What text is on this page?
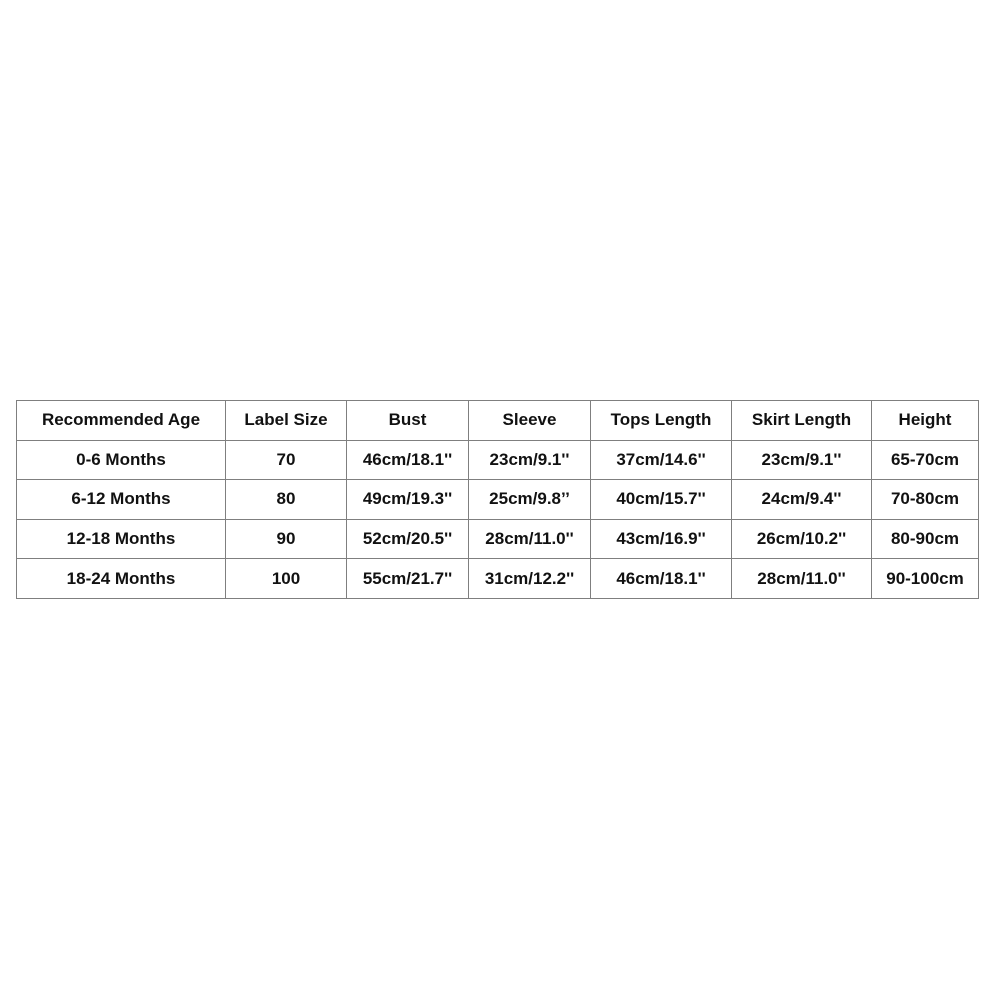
Recommended Age	Label Size	Bust	Sleeve	Tops Length	Skirt Length	Height
0-6 Months	70	46cm/18.1''	23cm/9.1''	37cm/14.6''	23cm/9.1''	65-70cm
6-12 Months	80	49cm/19.3''	25cm/9.8’’	40cm/15.7''	24cm/9.4''	70-80cm
12-18 Months	90	52cm/20.5''	28cm/11.0''	43cm/16.9''	26cm/10.2''	80-90cm
18-24 Months	100	55cm/21.7''	31cm/12.2''	46cm/18.1''	28cm/11.0''	90-100cm
